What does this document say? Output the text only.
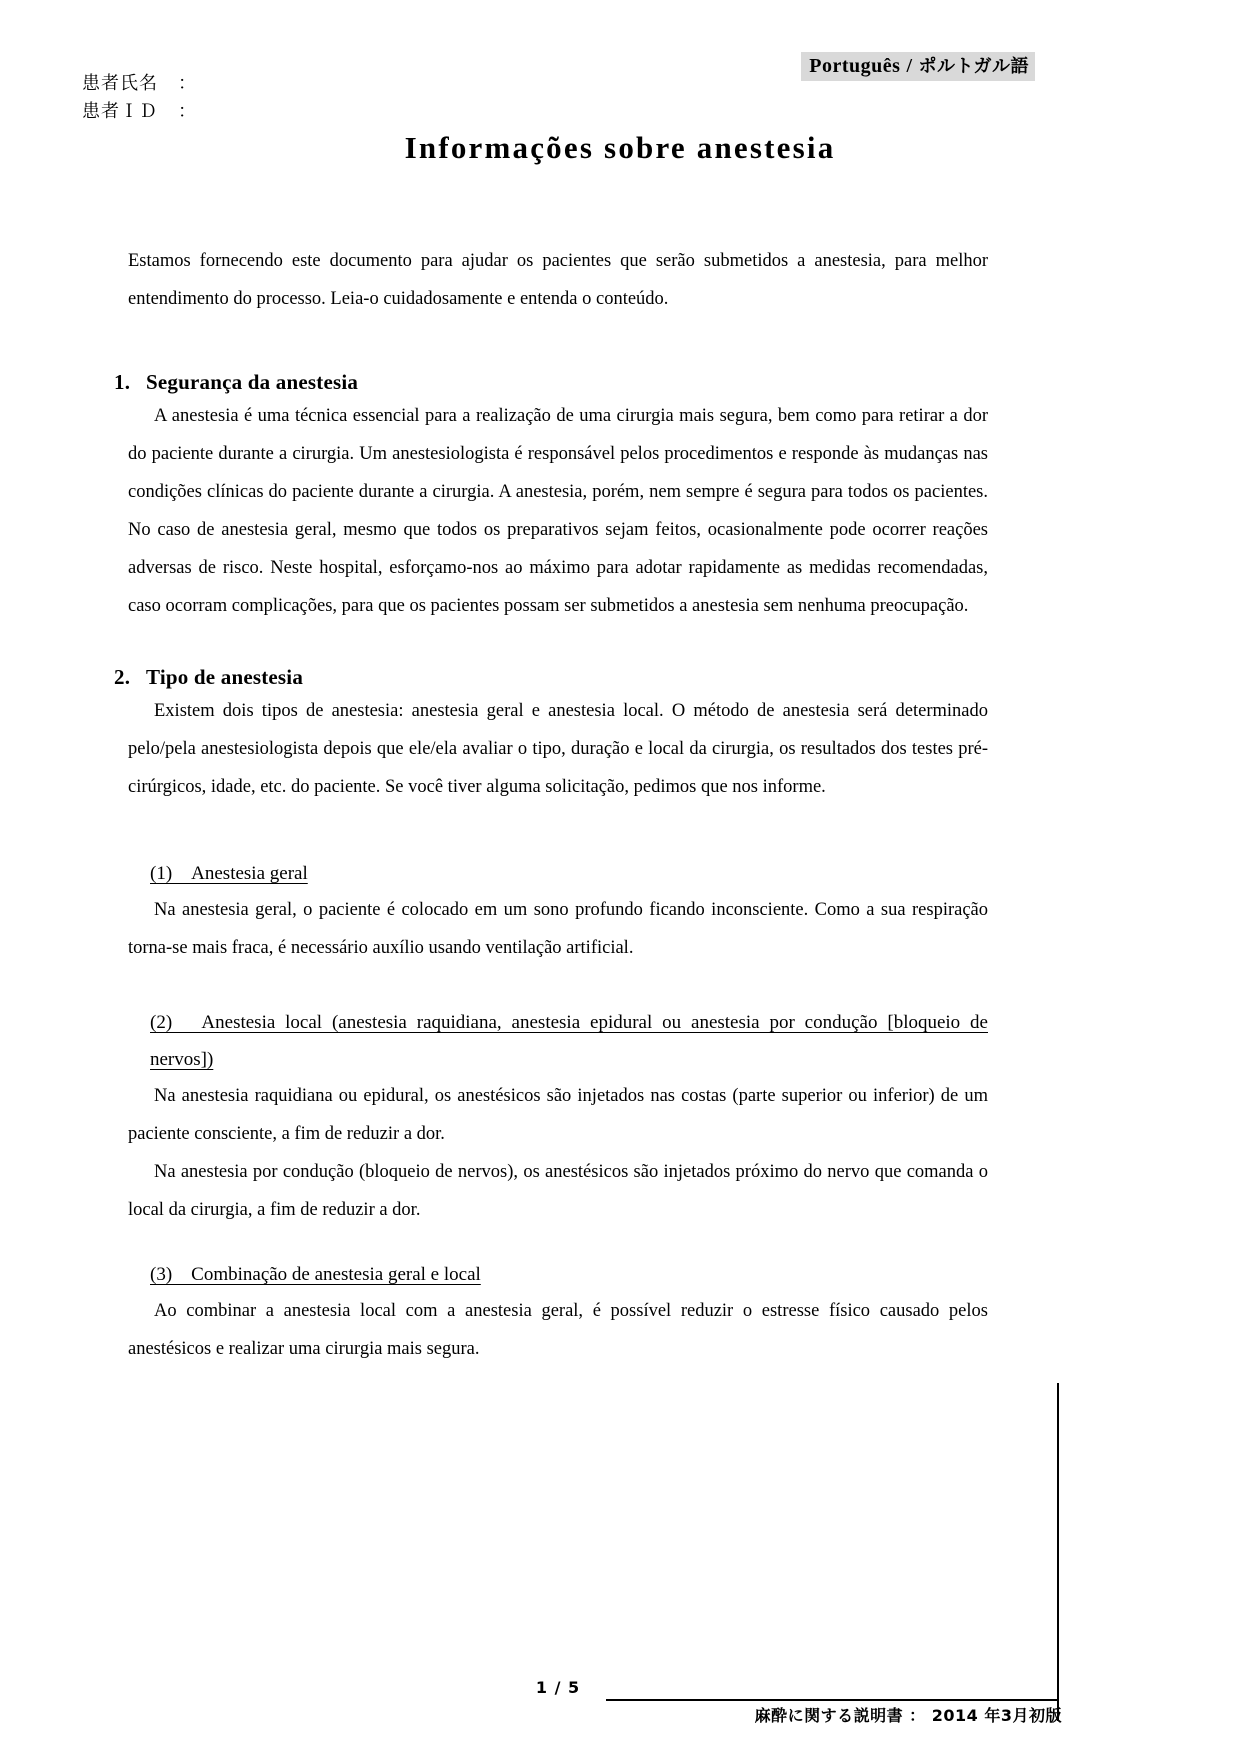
Português / ポルトガル語
患者氏名 ：
患者ＩＤ ：
Informações sobre anestesia

Estamos fornecendo este documento para ajudar os pacientes que serão submetidos a anestesia, para melhor entendimento do processo. Leia-o cuidadosamente e entenda o conteúdo.

1. Segurança da anestesia

A anestesia é uma técnica essencial para a realização de uma cirurgia mais segura, bem como para retirar a dor do paciente durante a cirurgia. Um anestesiologista é responsável pelos procedimentos e responde às mudanças nas condições clínicas do paciente durante a cirurgia. A anestesia, porém, nem sempre é segura para todos os pacientes. No caso de anestesia geral, mesmo que todos os preparativos sejam feitos, ocasionalmente pode ocorrer reações adversas de risco. Neste hospital, esforçamo-nos ao máximo para adotar rapidamente as medidas recomendadas, caso ocorram complicações, para que os pacientes possam ser submetidos a anestesia sem nenhuma preocupação.

2. Tipo de anestesia

Existem dois tipos de anestesia: anestesia geral e anestesia local. O método de anestesia será determinado pelo/pela anestesiologista depois que ele/ela avaliar o tipo, duração e local da cirurgia, os resultados dos testes pré-cirúrgicos, idade, etc. do paciente. Se você tiver alguma solicitação, pedimos que nos informe.

(1)　Anestesia geral

Na anestesia geral, o paciente é colocado em um sono profundo ficando inconsciente. Como a sua respiração torna-se mais fraca, é necessário auxílio usando ventilação artificial.

(2)　Anestesia local (anestesia raquidiana, anestesia epidural ou anestesia por condução [bloqueio de nervos])

Na anestesia raquidiana ou epidural, os anestésicos são injetados nas costas (parte superior ou inferior) de um paciente consciente, a fim de reduzir a dor.

Na anestesia por condução (bloqueio de nervos), os anestésicos são injetados próximo do nervo que comanda o local da cirurgia, a fim de reduzir a dor.

(3)　Combinação de anestesia geral e local

Ao combinar a anestesia local com a anestesia geral, é possível reduzir o estresse físico causado pelos anestésicos e realizar uma cirurgia mais segura.

1 / 5
麻酔に関する説明書 ： 2014 年3月初版
